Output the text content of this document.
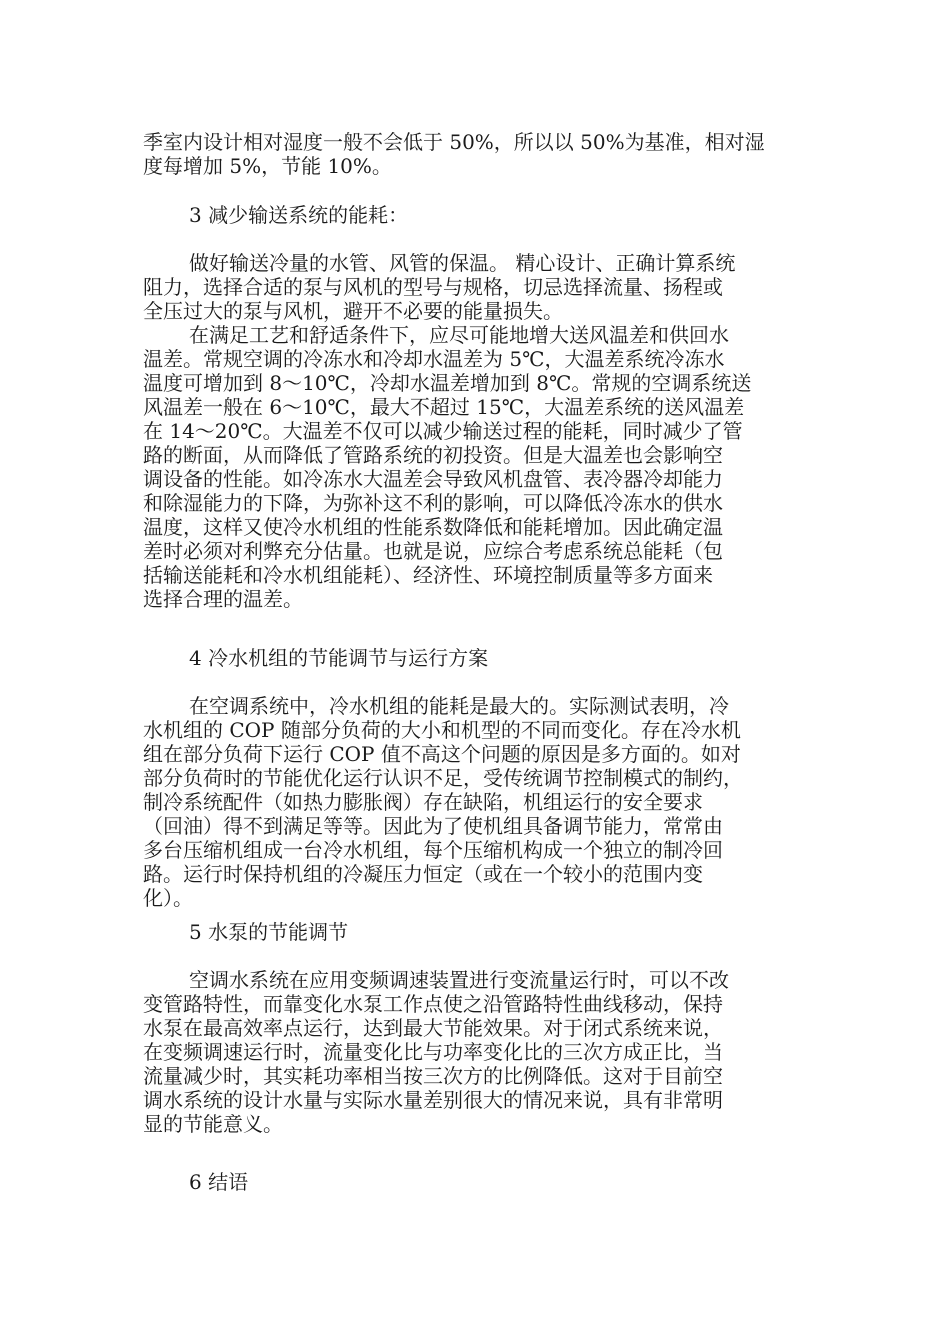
季室内设计相对湿度一般不会低于 50%，所以以 50%为基准，相对湿
度每增加 5%，节能 10%。
3 减少输送系统的能耗：
做好输送冷量的水管、风管的保温。 精心设计、正确计算系统
阻力，选择合适的泵与风机的型号与规格，切忌选择流量、扬程或
全压过大的泵与风机，避开不必要的能量损失。
在满足工艺和舒适条件下，应尽可能地增大送风温差和供回水
温差。常规空调的冷冻水和冷却水温差为 5℃，大温差系统冷冻水
温度可增加到 8～10℃，冷却水温差增加到 8℃。常规的空调系统送
风温差一般在 6～10℃，最大不超过 15℃，大温差系统的送风温差
在 14～20℃。大温差不仅可以减少输送过程的能耗，同时减少了管
路的断面，从而降低了管路系统的初投资。但是大温差也会影响空
调设备的性能。如冷冻水大温差会导致风机盘管、表冷器冷却能力
和除湿能力的下降，为弥补这不利的影响，可以降低冷冻水的供水
温度，这样又使冷水机组的性能系数降低和能耗增加。因此确定温
差时必须对利弊充分估量。也就是说，应综合考虑系统总能耗（包
括输送能耗和冷水机组能耗）、经济性、环境控制质量等多方面来
选择合理的温差。
4 冷水机组的节能调节与运行方案
在空调系统中，冷水机组的能耗是最大的。实际测试表明，冷
水机组的 COP 随部分负荷的大小和机型的不同而变化。存在冷水机
组在部分负荷下运行 COP 值不高这个问题的原因是多方面的。如对
部分负荷时的节能优化运行认识不足，受传统调节控制模式的制约，
制冷系统配件（如热力膨胀阀）存在缺陷，机组运行的安全要求
（回油）得不到满足等等。因此为了使机组具备调节能力，常常由
多台压缩机组成一台冷水机组，每个压缩机构成一个独立的制冷回
路。运行时保持机组的冷凝压力恒定（或在一个较小的范围内变
化）。
5 水泵的节能调节
空调水系统在应用变频调速装置进行变流量运行时，可以不改
变管路特性，而靠变化水泵工作点使之沿管路特性曲线移动，保持
水泵在最高效率点运行，达到最大节能效果。对于闭式系统来说，
在变频调速运行时，流量变化比与功率变化比的三次方成正比，当
流量减少时，其实耗功率相当按三次方的比例降低。这对于目前空
调水系统的设计水量与实际水量差别很大的情况来说，具有非常明
显的节能意义。
6 结语
